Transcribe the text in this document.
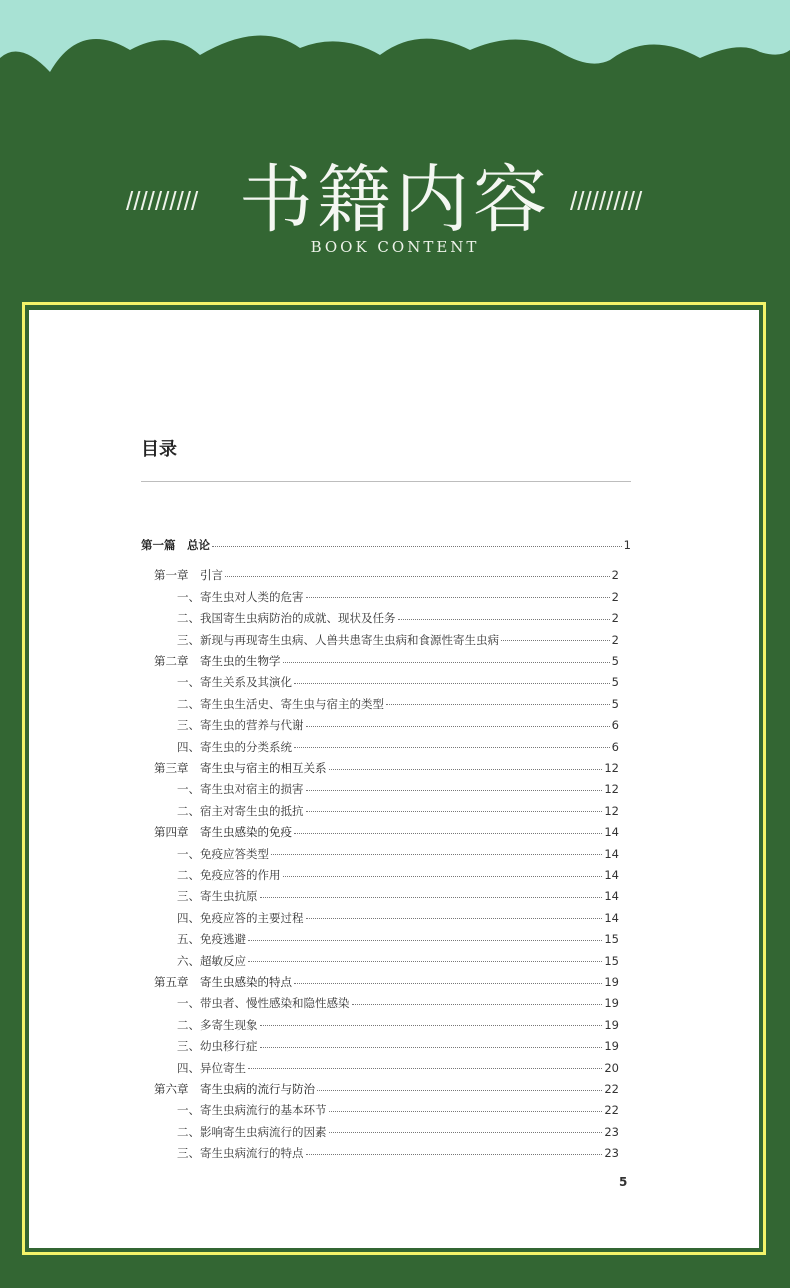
////////// 书籍内容 //////////
BOOK CONTENT
目录
第一篇　总论	1
第一章　引言	2
一、寄生虫对人类的危害	2
二、我国寄生虫病防治的成就、现状及任务	2
三、新现与再现寄生虫病、人兽共患寄生虫病和食源性寄生虫病	2
第二章　寄生虫的生物学	5
一、寄生关系及其演化	5
二、寄生虫生活史、寄生虫与宿主的类型	5
三、寄生虫的营养与代谢	6
四、寄生虫的分类系统	6
第三章　寄生虫与宿主的相互关系	12
一、寄生虫对宿主的损害	12
二、宿主对寄生虫的抵抗	12
第四章　寄生虫感染的免疫	14
一、免疫应答类型	14
二、免疫应答的作用	14
三、寄生虫抗原	14
四、免疫应答的主要过程	14
五、免疫逃避	15
六、超敏反应	15
第五章　寄生虫感染的特点	19
一、带虫者、慢性感染和隐性感染	19
二、多寄生现象	19
三、幼虫移行症	19
四、异位寄生	20
第六章　寄生虫病的流行与防治	22
一、寄生虫病流行的基本环节	22
二、影响寄生虫病流行的因素	23
三、寄生虫病流行的特点	23
5
